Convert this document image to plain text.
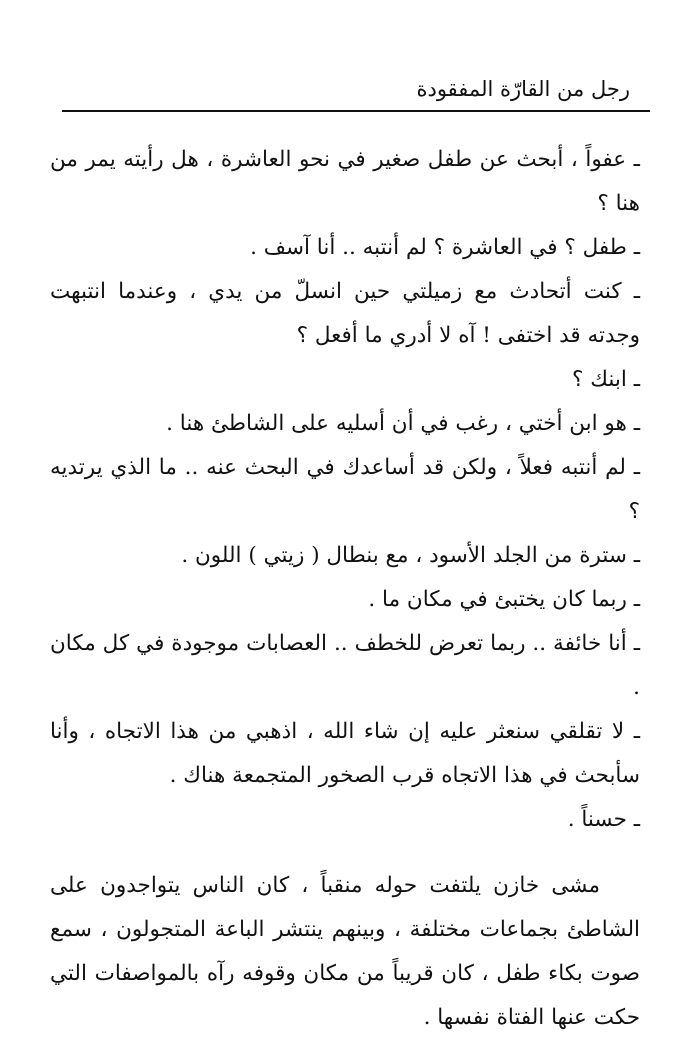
رجل من القارّة المفقودة

ـ عفواً ، أبحث عن طفل صغير في نحو العاشرة ، هل رأيته يمر من هنا ؟

ـ طفل ؟ في العاشرة ؟ لم أنتبه .. أنا آسف .

ـ كنت أتحادث مع زميلتي حين انسلّ من يدي ، وعندما انتبهت وجدته قد اختفى ! آه لا أدري ما أفعل ؟

ـ ابنك ؟

ـ هو ابن أختي ، رغب في أن أسليه على الشاطئ هنا .

ـ لم أنتبه فعلاً ، ولكن قد أساعدك في البحث عنه .. ما الذي يرتديه ؟

ـ سترة من الجلد الأسود ، مع بنطال ( زيتي ) اللون .

ـ ربما كان يختبئ في مكان ما .

ـ أنا خائفة .. ربما تعرض للخطف .. العصابات موجودة في كل مكان .

ـ لا تقلقي سنعثر عليه إن شاء الله ، اذهبي من هذا الاتجاه ، وأنا سأبحث في هذا الاتجاه قرب الصخور المتجمعة هناك .

ـ حسناً .

مشى خازن يلتفت حوله منقباً ، كان الناس يتواجدون على الشاطئ بجماعات مختلفة ، وبينهم ينتشر الباعة المتجولون ، سمع صوت بكاء طفل ، كان قريباً من مكان وقوفه رآه بالمواصفات التي حكت عنها الفتاة نفسها .
